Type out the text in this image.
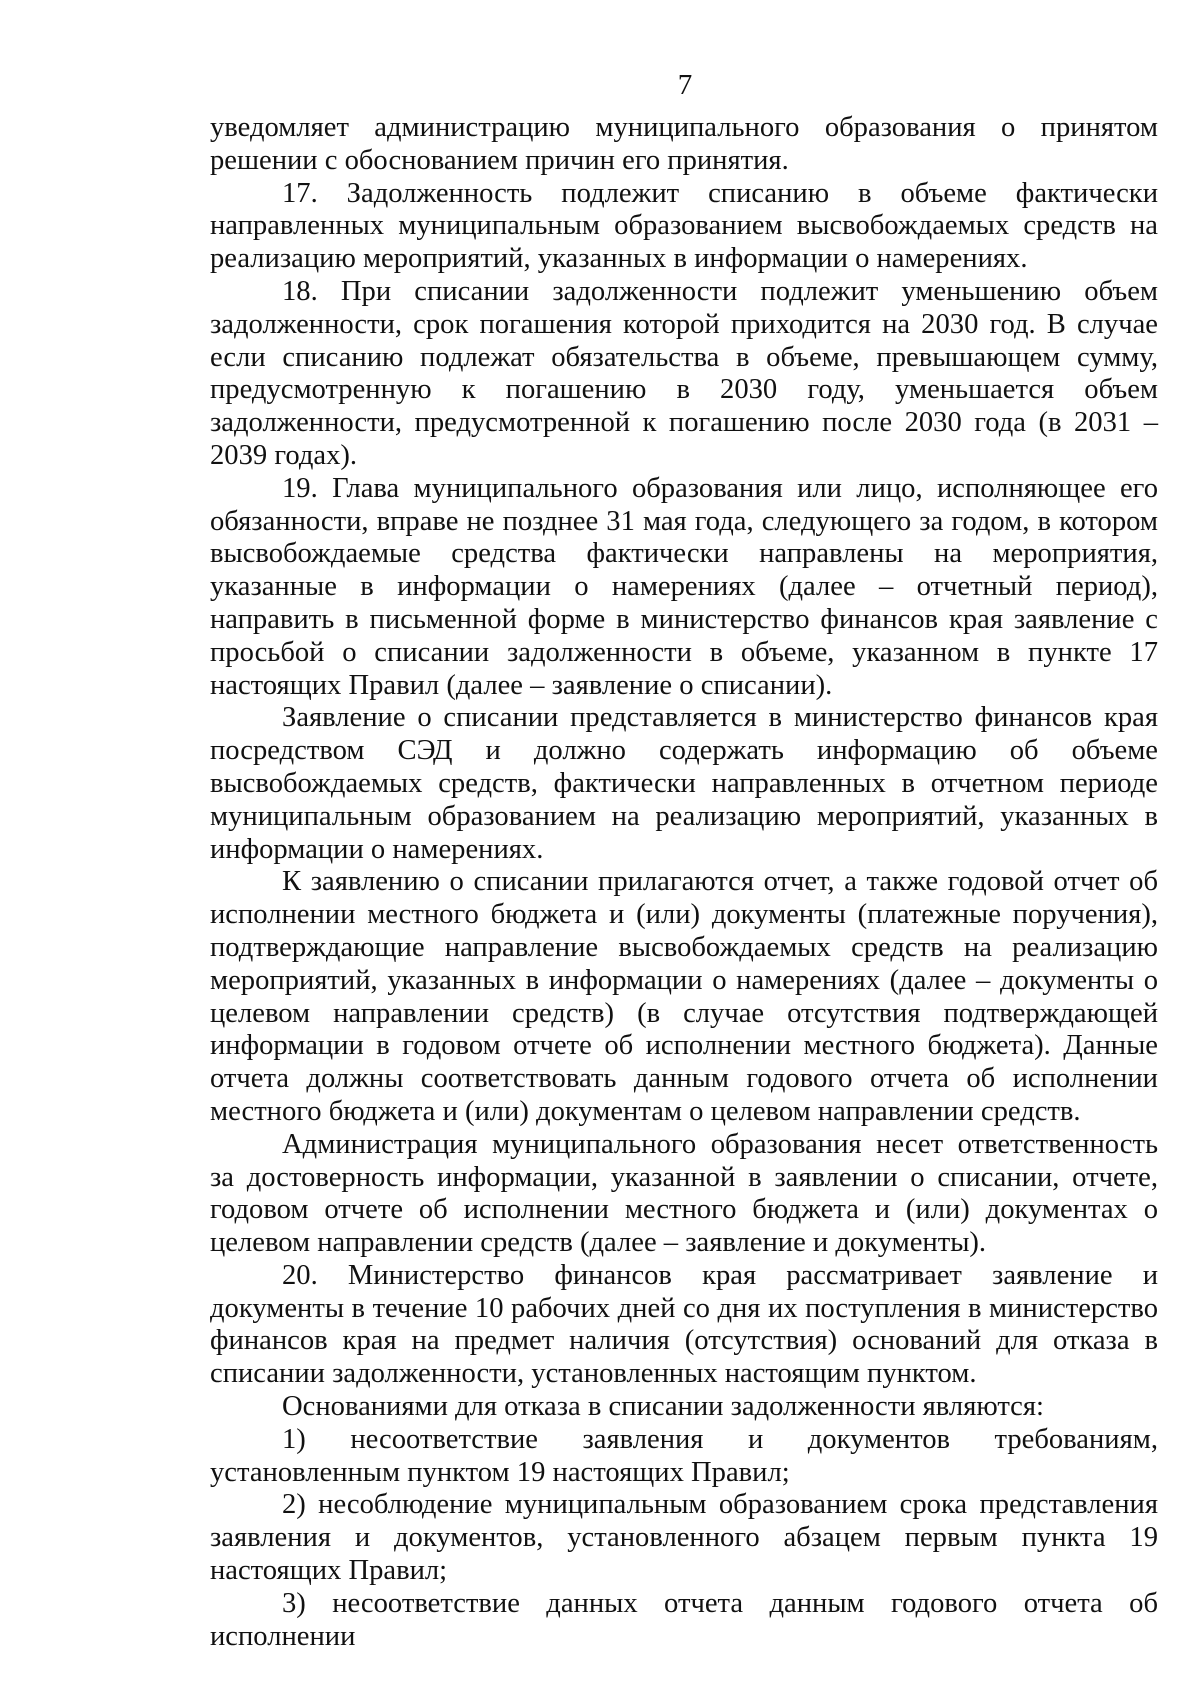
7

уведомляет администрацию муниципального образования о принятом решении с обоснованием причин его принятия.

17. Задолженность подлежит списанию в объеме фактически направленных муниципальным образованием высвобождаемых средств на реализацию мероприятий, указанных в информации о намерениях.

18. При списании задолженности подлежит уменьшению объем задолженности, срок погашения которой приходится на 2030 год. В случае если списанию подлежат обязательства в объеме, превышающем сумму, предусмотренную к погашению в 2030 году, уменьшается объем задолженности, предусмотренной к погашению после 2030 года (в 2031 – 2039 годах).

19. Глава муниципального образования или лицо, исполняющее его обязанности, вправе не позднее 31 мая года, следующего за годом, в котором высвобождаемые средства фактически направлены на мероприятия, указанные в информации о намерениях (далее – отчетный период), направить в письменной форме в министерство финансов края заявление с просьбой о списании задолженности в объеме, указанном в пункте 17 настоящих Правил (далее – заявление о списании).

Заявление о списании представляется в министерство финансов края посредством СЭД и должно содержать информацию об объеме высвобождаемых средств, фактически направленных в отчетном периоде муниципальным образованием на реализацию мероприятий, указанных в информации о намерениях.

К заявлению о списании прилагаются отчет, а также годовой отчет об исполнении местного бюджета и (или) документы (платежные поручения), подтверждающие направление высвобождаемых средств на реализацию мероприятий, указанных в информации о намерениях (далее – документы о целевом направлении средств) (в случае отсутствия подтверждающей информации в годовом отчете об исполнении местного бюджета). Данные отчета должны соответствовать данным годового отчета об исполнении местного бюджета и (или) документам о целевом направлении средств.

Администрация муниципального образования несет ответственность за достоверность информации, указанной в заявлении о списании, отчете, годовом отчете об исполнении местного бюджета и (или) документах о целевом направлении средств (далее – заявление и документы).

20. Министерство финансов края рассматривает заявление и документы в течение 10 рабочих дней со дня их поступления в министерство финансов края на предмет наличия (отсутствия) оснований для отказа в списании задолженности, установленных настоящим пунктом.

Основаниями для отказа в списании задолженности являются:

1) несоответствие заявления и документов требованиям, установленным пунктом 19 настоящих Правил;

2) несоблюдение муниципальным образованием срока представления заявления и документов, установленного абзацем первым пункта 19 настоящих Правил;

3) несоответствие данных отчета данным годового отчета об исполнении
